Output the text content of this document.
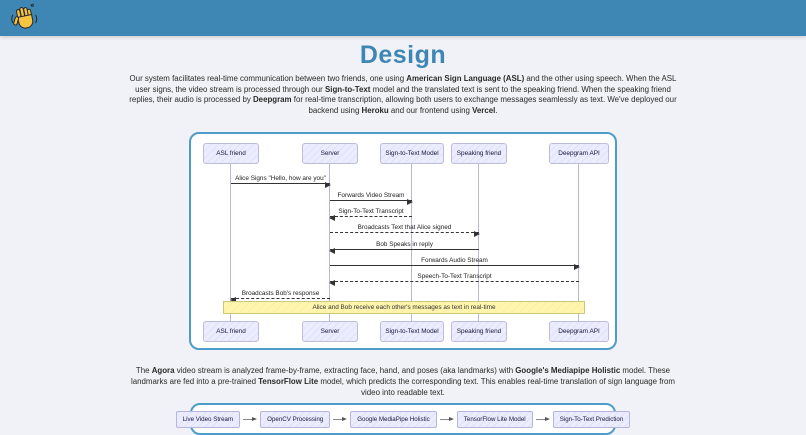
Design

Our system facilitates real-time communication between two friends, one using American Sign Language (ASL) and the other using speech. When the ASL user signs, the video stream is processed through our Sign-to-Text model and the translated text is sent to the speaking friend. When the speaking friend replies, their audio is processed by Deepgram for real-time transcription, allowing both users to exchange messages seamlessly as text. We've deployed our backend using Heroku and our frontend using Vercel.

ASL friend	Server	Sign-to-Text Model	Speaking friend	Deepgram API
Alice Signs "Hello, how are you"
Forwards Video Stream
Sign-To-Text Transcript
Broadcasts Text that Alice signed
Bob Speaks in reply
Forwards Audio Stream
Speech-To-Text Transcript
Broadcasts Bob's response
Alice and Bob receive each other's messages as text in real-time
ASL friend	Server	Sign-to-Text Model	Speaking friend	Deepgram API

The Agora video stream is analyzed frame-by-frame, extracting face, hand, and poses (aka landmarks) with Google's Mediapipe Holistic model. These landmarks are fed into a pre-trained TensorFlow Lite model, which predicts the corresponding text. This enables real-time translation of sign language from video into readable text.

Live Video Stream	OpenCV Processing	Google MediaPipe Holistic	TensorFlow Lite Model	Sign-To-Text Prediction
